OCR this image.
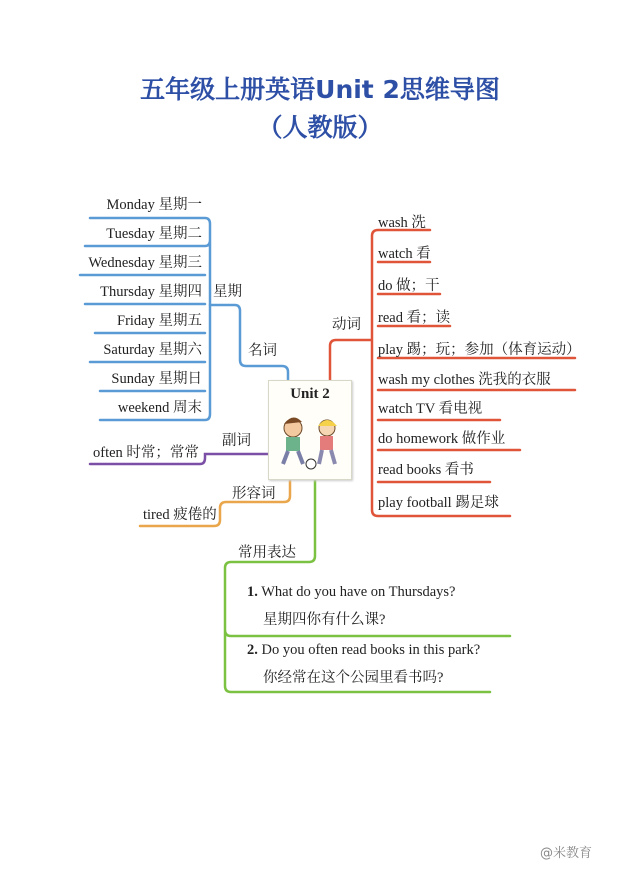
五年级上册英语Unit 2思维导图
（人教版）
Monday 星期一
Tuesday 星期二
Wednesday 星期三
Thursday 星期四
Friday 星期五
Saturday 星期六
Sunday 星期日
weekend 周末
星期
名词
Unit 2
动词
wash 洗
watch 看
do 做；干
read 看；读
play 踢；玩；参加（体育运动）
wash my clothes 洗我的衣服
watch TV 看电视
do homework 做作业
read books 看书
play football 踢足球
副词
often 时常；常常
形容词
tired 疲倦的
常用表达
1. What do you have on Thursdays?
星期四你有什么课?
2. Do you often read books in this park?
你经常在这个公园里看书吗?
@米教育
